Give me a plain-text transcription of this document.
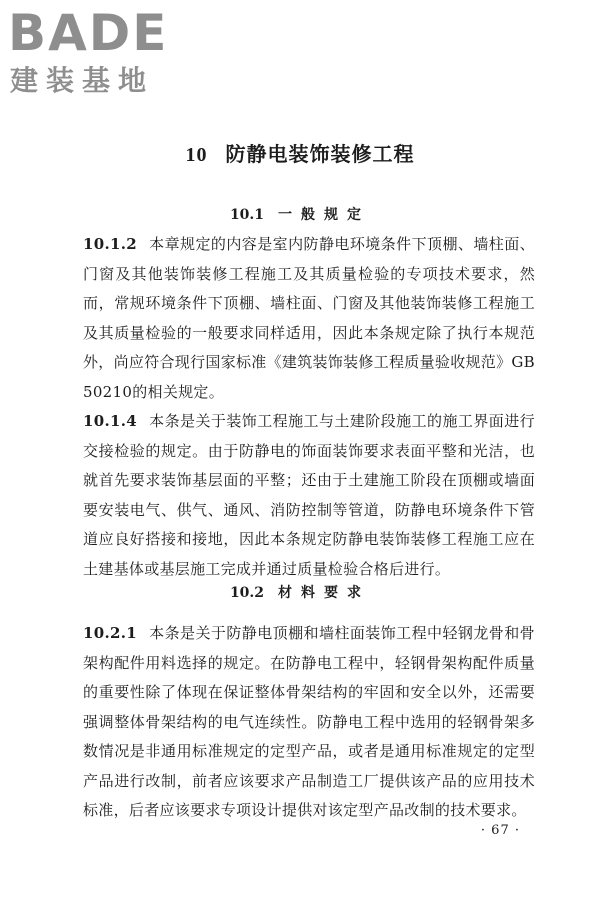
BADE
建装基地
10 防静电装饰装修工程
10.1 一般规定
10.1.2 本章规定的内容是室内防静电环境条件下顶棚、墙柱面、门窗及其他装饰装修工程施工及其质量检验的专项技术要求，然而，常规环境条件下顶棚、墙柱面、门窗及其他装饰装修工程施工及其质量检验的一般要求同样适用，因此本条规定除了执行本规范外，尚应符合现行国家标准《建筑装饰装修工程质量验收规范》GB 50210的相关规定。
10.1.4 本条是关于装饰工程施工与土建阶段施工的施工界面进行交接检验的规定。由于防静电的饰面装饰要求表面平整和光洁，也就首先要求装饰基层面的平整；还由于土建施工阶段在顶棚或墙面要安装电气、供气、通风、消防控制等管道，防静电环境条件下管道应良好搭接和接地，因此本条规定防静电装饰装修工程施工应在土建基体或基层施工完成并通过质量检验合格后进行。
10.2 材料要求
10.2.1 本条是关于防静电顶棚和墙柱面装饰工程中轻钢龙骨和骨架构配件用料选择的规定。在防静电工程中，轻钢骨架构配件质量的重要性除了体现在保证整体骨架结构的牢固和安全以外，还需要强调整体骨架结构的电气连续性。防静电工程中选用的轻钢骨架多数情况是非通用标准规定的定型产品，或者是通用标准规定的定型产品进行改制，前者应该要求产品制造工厂提供该产品的应用技术标准，后者应该要求专项设计提供对该定型产品改制的技术要求。
· 67 ·
